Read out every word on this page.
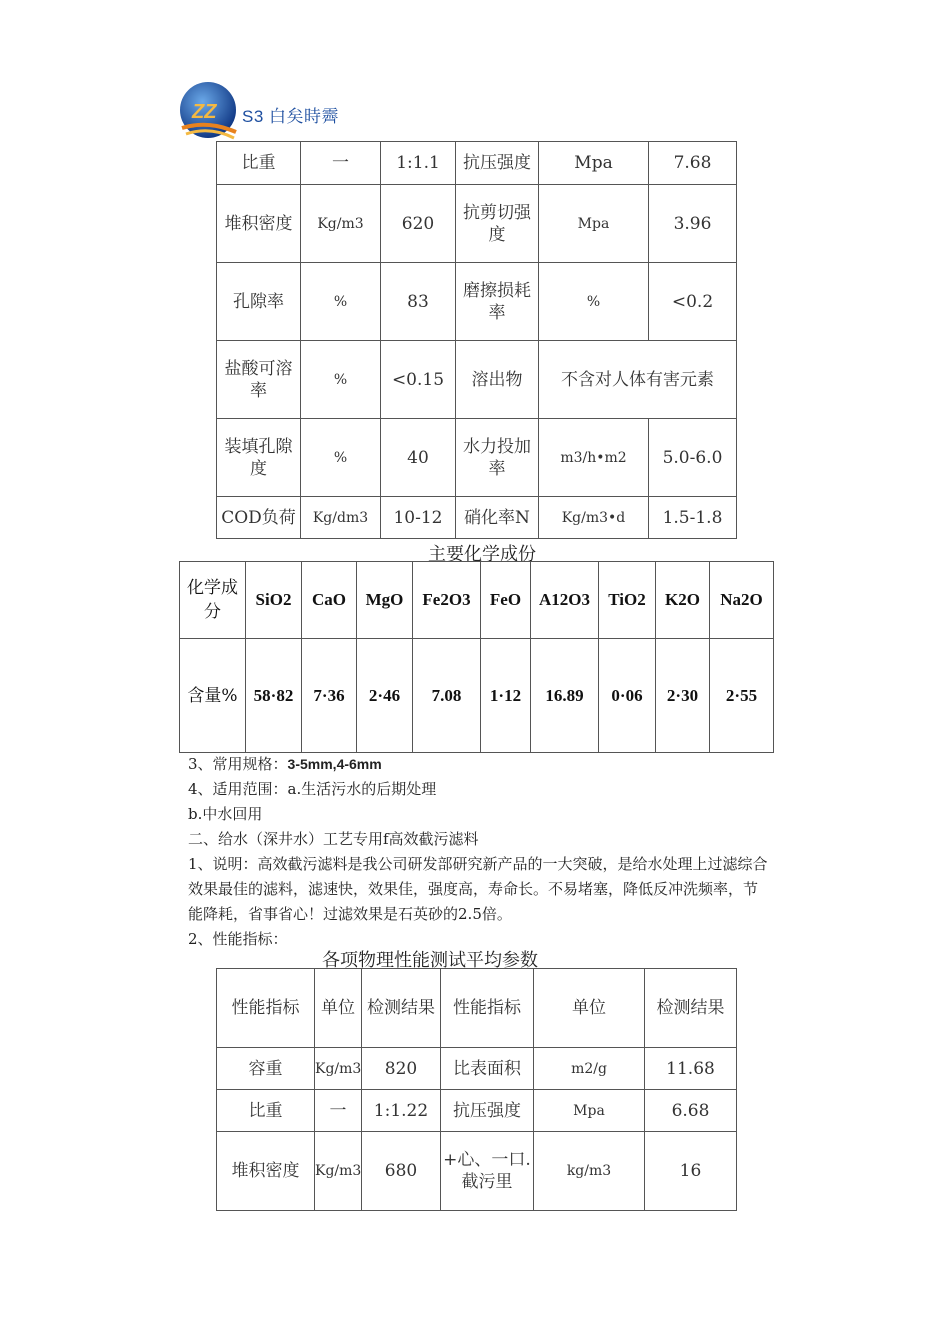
ZZ S3 白矣時霽
比重	一	1:1.1	抗压强度	Mpa	7.68
堆积密度	Kg/m3	620	抗剪切强度	Mpa	3.96
孔隙率	%	83	磨擦损耗率	%	<0.2
盐酸可溶率	%	<0.15	溶出物	不含对人体有害元素	
装填孔隙度	%	40	水力投加率	m3/h•m2	5.0-6.0
COD负荷	Kg/dm3	10-12	硝化率N	Kg/m3•d	1.5-1.8
主要化学成份
化学成分	SiO2	CaO	MgO	Fe2O3	FeO	A12O3	TiO2	K2O	Na2O
含量%	58·82	7·36	2·46	7.08	1·12	16.89	0·06	2·30	2·55

3、常用规格：3-5mm,4-6mm

4、适用范围：a.生活污水的后期处理

b.中水回用

二、给水（深井水）工艺专用f高效截污滤料

1、说明：高效截污滤料是我公司研发部研究新产品的一大突破，是给水处理上过滤综合效果最佳的滤料，滤速快，效果佳，强度高，寿命长。不易堵塞，降低反冲洗频率，节能降耗，省事省心！过滤效果是石英砂的2.5倍。

2、性能指标：

各项物理性能测试平均参数
性能指标	单位	检测结果	性能指标	单位	检测结果
容重	Kg/m3	820	比表面积	m2/g	11.68
比重	一	1:1.22	抗压强度	Mpa	6.68
堆积密度	Kg/m3	680	+心、一口.截污里	kg/m3	16
